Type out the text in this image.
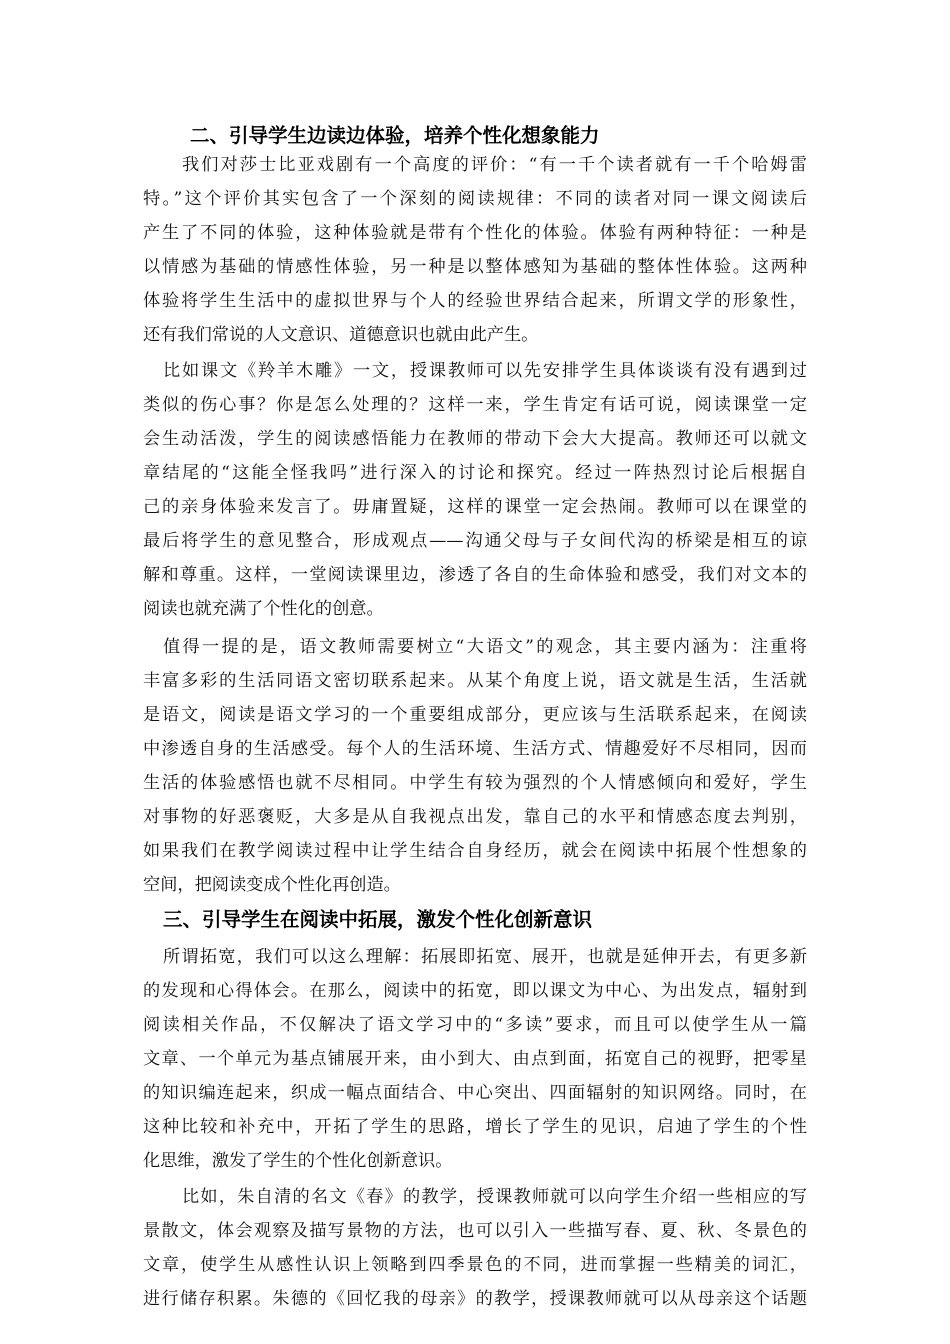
二、引导学生边读边体验，培养个性化想象能力
我们对莎士比亚戏剧有一个高度的评价：“有一千个读者就有一千个哈姆雷
特。”这个评价其实包含了一个深刻的阅读规律：不同的读者对同一课文阅读后
产生了不同的体验，这种体验就是带有个性化的体验。体验有两种特征：一种是
以情感为基础的情感性体验，另一种是以整体感知为基础的整体性体验。这两种
体验将学生生活中的虚拟世界与个人的经验世界结合起来，所谓文学的形象性，
还有我们常说的人文意识、道德意识也就由此产生。
比如课文《羚羊木雕》一文，授课教师可以先安排学生具体谈谈有没有遇到过
类似的伤心事？你是怎么处理的？这样一来，学生肯定有话可说，阅读课堂一定
会生动活泼，学生的阅读感悟能力在教师的带动下会大大提高。教师还可以就文
章结尾的“这能全怪我吗”进行深入的讨论和探究。经过一阵热烈讨论后根据自
己的亲身体验来发言了。毋庸置疑，这样的课堂一定会热闹。教师可以在课堂的
最后将学生的意见整合，形成观点——沟通父母与子女间代沟的桥梁是相互的谅
解和尊重。这样，一堂阅读课里边，渗透了各自的生命体验和感受，我们对文本的
阅读也就充满了个性化的创意。
值得一提的是，语文教师需要树立“大语文”的观念，其主要内涵为：注重将
丰富多彩的生活同语文密切联系起来。从某个角度上说，语文就是生活，生活就
是语文，阅读是语文学习的一个重要组成部分，更应该与生活联系起来，在阅读
中渗透自身的生活感受。每个人的生活环境、生活方式、情趣爱好不尽相同，因而
生活的体验感悟也就不尽相同。中学生有较为强烈的个人情感倾向和爱好，学生
对事物的好恶褒贬，大多是从自我视点出发，靠自己的水平和情感态度去判别，
如果我们在教学阅读过程中让学生结合自身经历，就会在阅读中拓展个性想象的
空间，把阅读变成个性化再创造。
三、引导学生在阅读中拓展，激发个性化创新意识
所谓拓宽，我们可以这么理解：拓展即拓宽、展开，也就是延伸开去，有更多新
的发现和心得体会。在那么，阅读中的拓宽，即以课文为中心、为出发点，辐射到
阅读相关作品，不仅解决了语文学习中的“多读”要求，而且可以使学生从一篇
文章、一个单元为基点铺展开来，由小到大、由点到面，拓宽自己的视野，把零星
的知识编连起来，织成一幅点面结合、中心突出、四面辐射的知识网络。同时，在
这种比较和补充中，开拓了学生的思路，增长了学生的见识，启迪了学生的个性
化思维，激发了学生的个性化创新意识。
比如，朱自清的名文《春》的教学，授课教师就可以向学生介绍一些相应的写
景散文，体会观察及描写景物的方法，也可以引入一些描写春、夏、秋、冬景色的
文章，使学生从感性认识上领略到四季景色的不同，进而掌握一些精美的词汇，
进行储存积累。朱德的《回忆我的母亲》的教学，授课教师就可以从母亲这个话题
